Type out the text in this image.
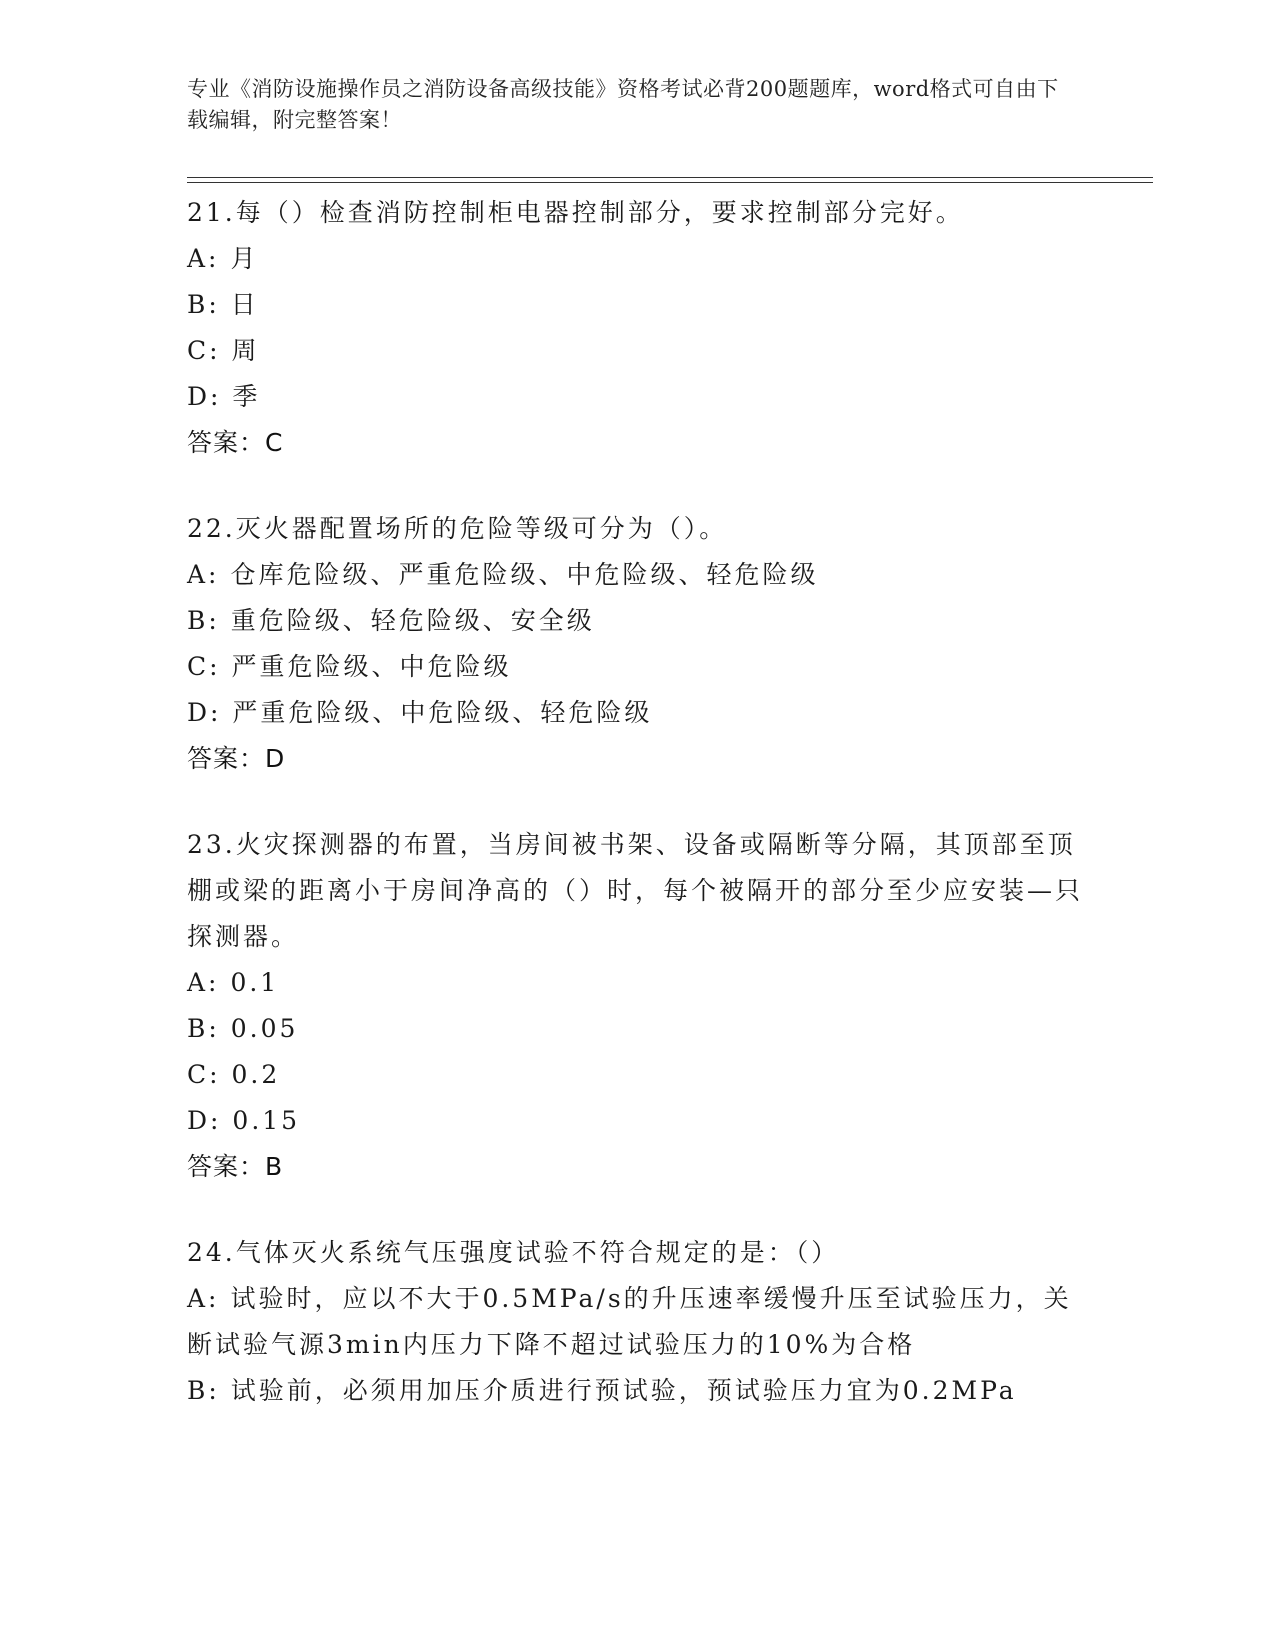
专业《消防设施操作员之消防设备高级技能》资格考试必背200题题库，word格式可自由下载编辑，附完整答案！
21.每（）检查消防控制柜电器控制部分，要求控制部分完好。
A: 月
B: 日
C: 周
D: 季
答案：C
22.灭火器配置场所的危险等级可分为（）。
A: 仓库危险级、严重危险级、中危险级、轻危险级
B: 重危险级、轻危险级、安全级
C: 严重危险级、中危险级
D: 严重危险级、中危险级、轻危险级
答案：D
23.火灾探测器的布置，当房间被书架、设备或隔断等分隔，其顶部至顶棚或梁的距离小于房间净高的（）时，每个被隔开的部分至少应安装—只探测器。
A: 0.1
B: 0.05
C: 0.2
D: 0.15
答案：B
24.气体灭火系统气压强度试验不符合规定的是：（）
A: 试验时，应以不大于0.5MPa/s的升压速率缓慢升压至试验压力，关断试验气源3min内压力下降不超过试验压力的10%为合格
B: 试验前，必须用加压介质进行预试验，预试验压力宜为0.2MPa
